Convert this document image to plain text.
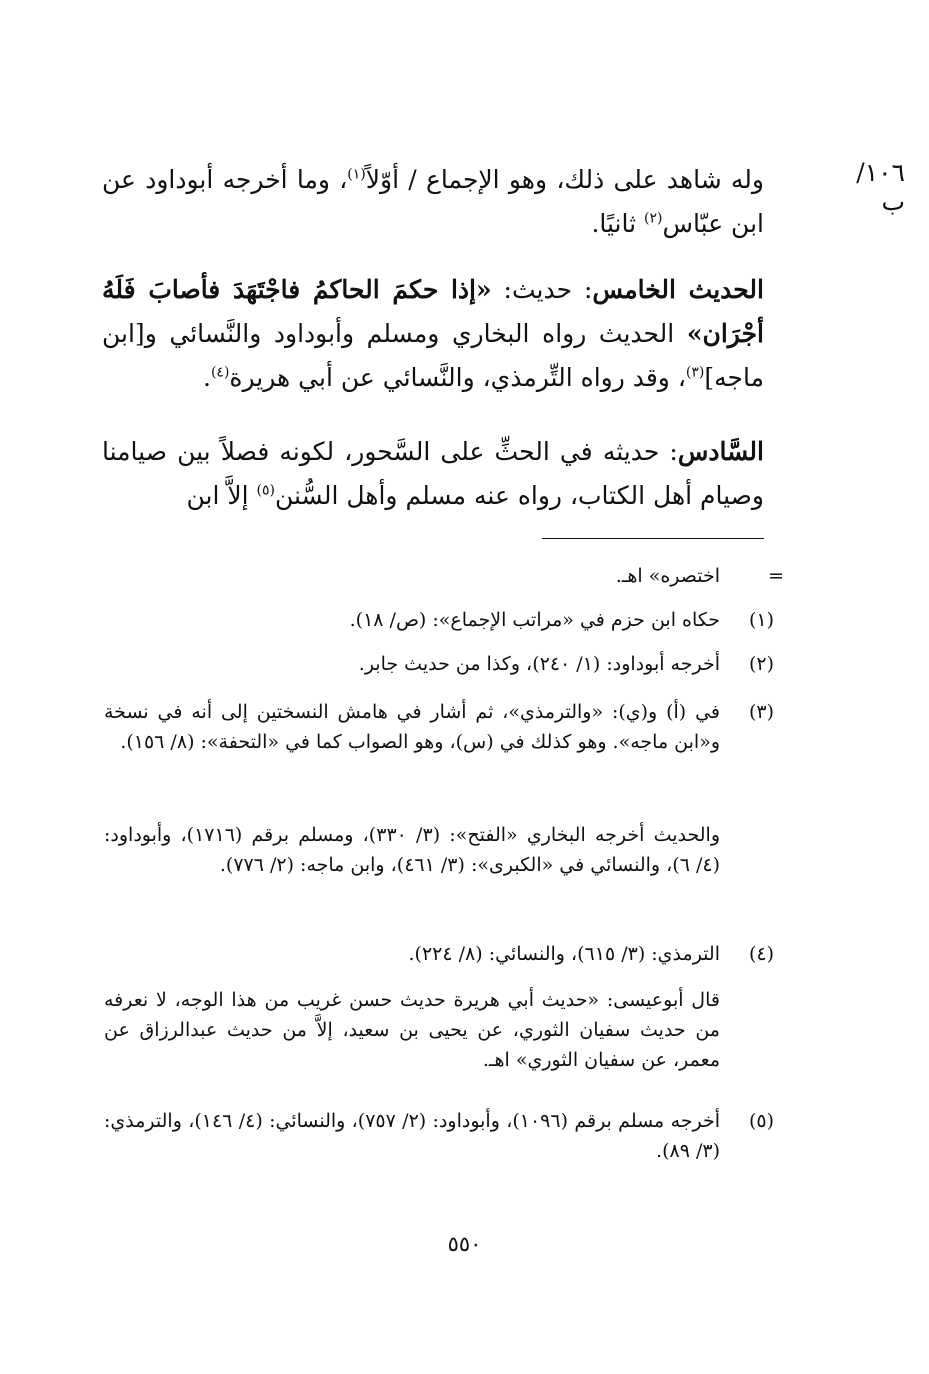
١٠٦/ب
وله شاهد على ذلك، وهو الإجماع / أوّلاً$^{(١)}$، وما أخرجه أبوداود عن ابن عبّاس$^{(٢)}$ ثانيًا.
الحديث الخامس: حديث: «إذا حكمَ الحاكمُ فاجْتَهَدَ فأصابَ فَلَهُ أجْرَان» الحديث رواه البخاري ومسلم وأبوداود والنَّسائي و[ابن ماجه]$^{(٣)}$، وقد رواه التِّرمذي، والنَّسائي عن أبي هريرة$^{(٤)}$.
السَّادس: حديثه في الحثِّ على السَّحور، لكونه فصلاً بين صيامنا وصيام أهل الكتاب، رواه عنه مسلم وأهل السُّنن$^{(٥)}$ إلاَّ ابن
=
اختصره» اهـ.
(١)
حكاه ابن حزم في «مراتب الإجماع»: (ص/ ١٨).
(٢)
أخرجه أبوداود: (١/ ٢٤٠)، وكذا من حديث جابر.
(٣)
في (أ) و(ي): «والترمذي»، ثم أشار في هامش النسختين إلى أنه في نسخة و«ابن ماجه». وهو كذلك في (س)، وهو الصواب كما في «التحفة»: (٨/ ١٥٦).
والحديث أخرجه البخاري «الفتح»: (٣/ ٣٣٠)، ومسلم برقم (١٧١٦)، وأبوداود: (٤/ ٦)، والنسائي في «الكبرى»: (٣/ ٤٦١)، وابن ماجه: (٢/ ٧٧٦).
(٤)
الترمذي: (٣/ ٦١٥)، والنسائي: (٨/ ٢٢٤).
قال أبوعيسى: «حديث أبي هريرة حديث حسن غريب من هذا الوجه، لا نعرفه من حديث سفيان الثوري، عن يحيى بن سعيد، إلاَّ من حديث عبدالرزاق عن معمر، عن سفيان الثوري» اهـ.
(٥)
أخرجه مسلم برقم (١٠٩٦)، وأبوداود: (٢/ ٧٥٧)، والنسائي: (٤/ ١٤٦)، والترمذي: (٣/ ٨٩).
٥٥٠
